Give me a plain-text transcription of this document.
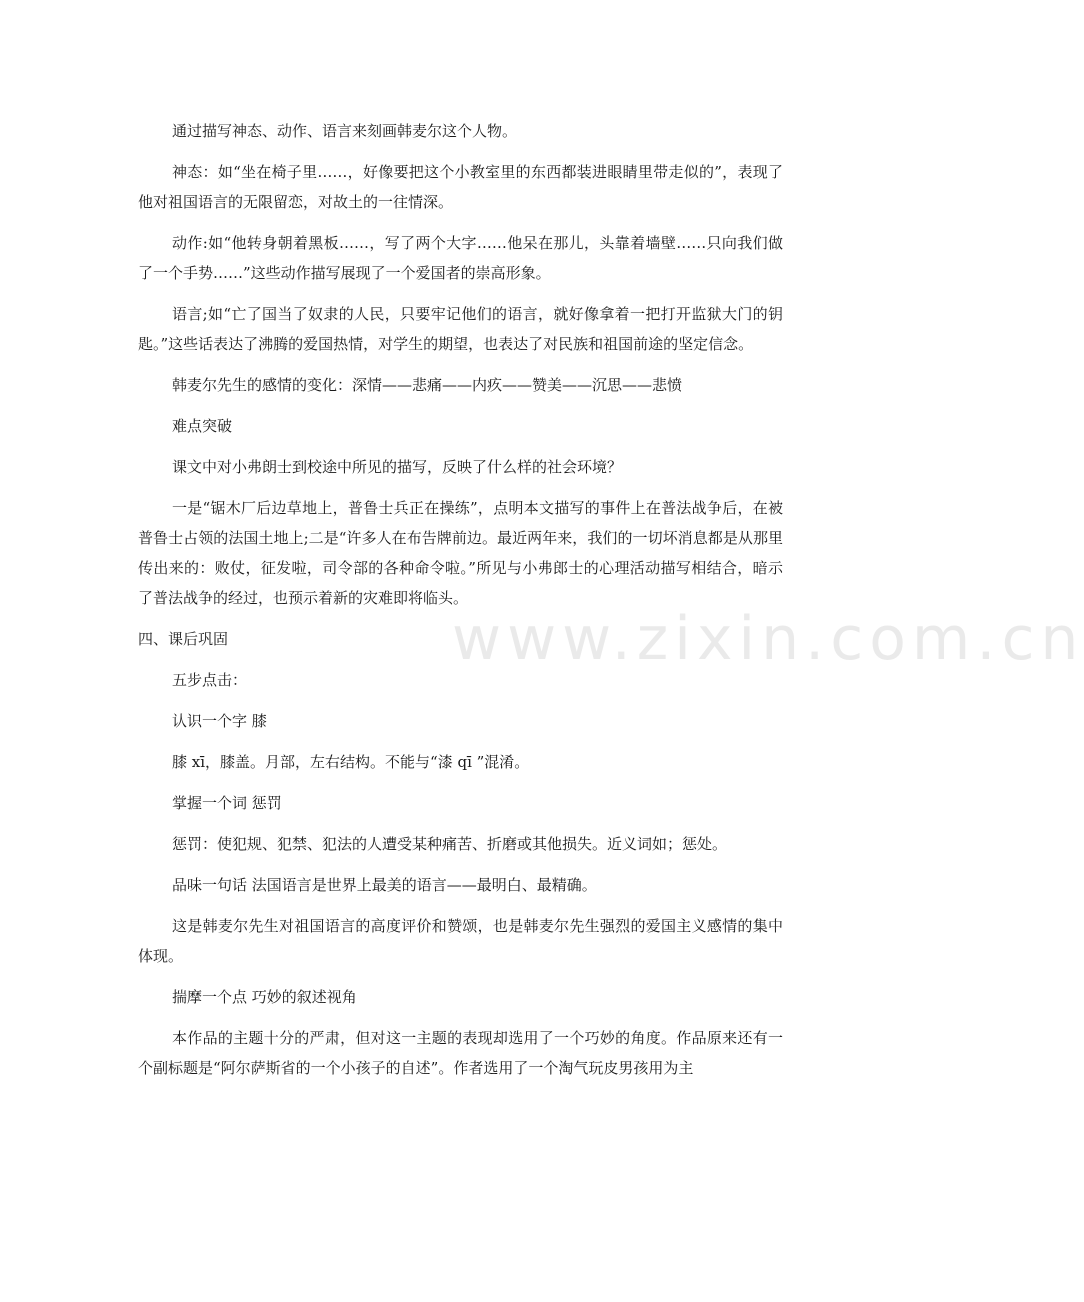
www.zixin.com.cn

通过描写神态、动作、语言来刻画韩麦尔这个人物。

神态：如“坐在椅子里……，好像要把这个小教室里的东西都装进眼睛里带走似的”，表现了他对祖国语言的无限留恋，对故土的一往情深。

动作:如“他转身朝着黑板……，写了两个大字……他呆在那儿，头靠着墙壁……只向我们做了一个手势……”这些动作描写展现了一个爱国者的崇高形象。

语言;如“亡了国当了奴隶的人民，只要牢记他们的语言，就好像拿着一把打开监狱大门的钥匙。”这些话表达了沸腾的爱国热情，对学生的期望，也表达了对民族和祖国前途的坚定信念。

韩麦尔先生的感情的变化：深情——悲痛——内疚——赞美——沉思——悲愤

难点突破

课文中对小弗朗士到校途中所见的描写，反映了什么样的社会环境？

一是“锯木厂后边草地上，普鲁士兵正在操练”，点明本文描写的事件上在普法战争后，在被普鲁士占领的法国土地上;二是“许多人在布告牌前边。最近两年来，我们的一切坏消息都是从那里传出来的：败仗，征发啦，司令部的各种命令啦。”所见与小弗郎士的心理活动描写相结合，暗示了普法战争的经过，也预示着新的灾难即将临头。

四、课后巩固

五步点击：

认识一个字 膝

膝 xī，膝盖。月部，左右结构。不能与“漆 qī ”混淆。

掌握一个词 惩罚

惩罚：使犯规、犯禁、犯法的人遭受某种痛苦、折磨或其他损失。近义词如；惩处。

品味一句话 法国语言是世界上最美的语言——最明白、最精确。

这是韩麦尔先生对祖国语言的高度评价和赞颂，也是韩麦尔先生强烈的爱国主义感情的集中体现。

揣摩一个点 巧妙的叙述视角

本作品的主题十分的严肃，但对这一主题的表现却选用了一个巧妙的角度。作品原来还有一个副标题是“阿尔萨斯省的一个小孩子的自述”。作者选用了一个淘气玩皮男孩用为主
